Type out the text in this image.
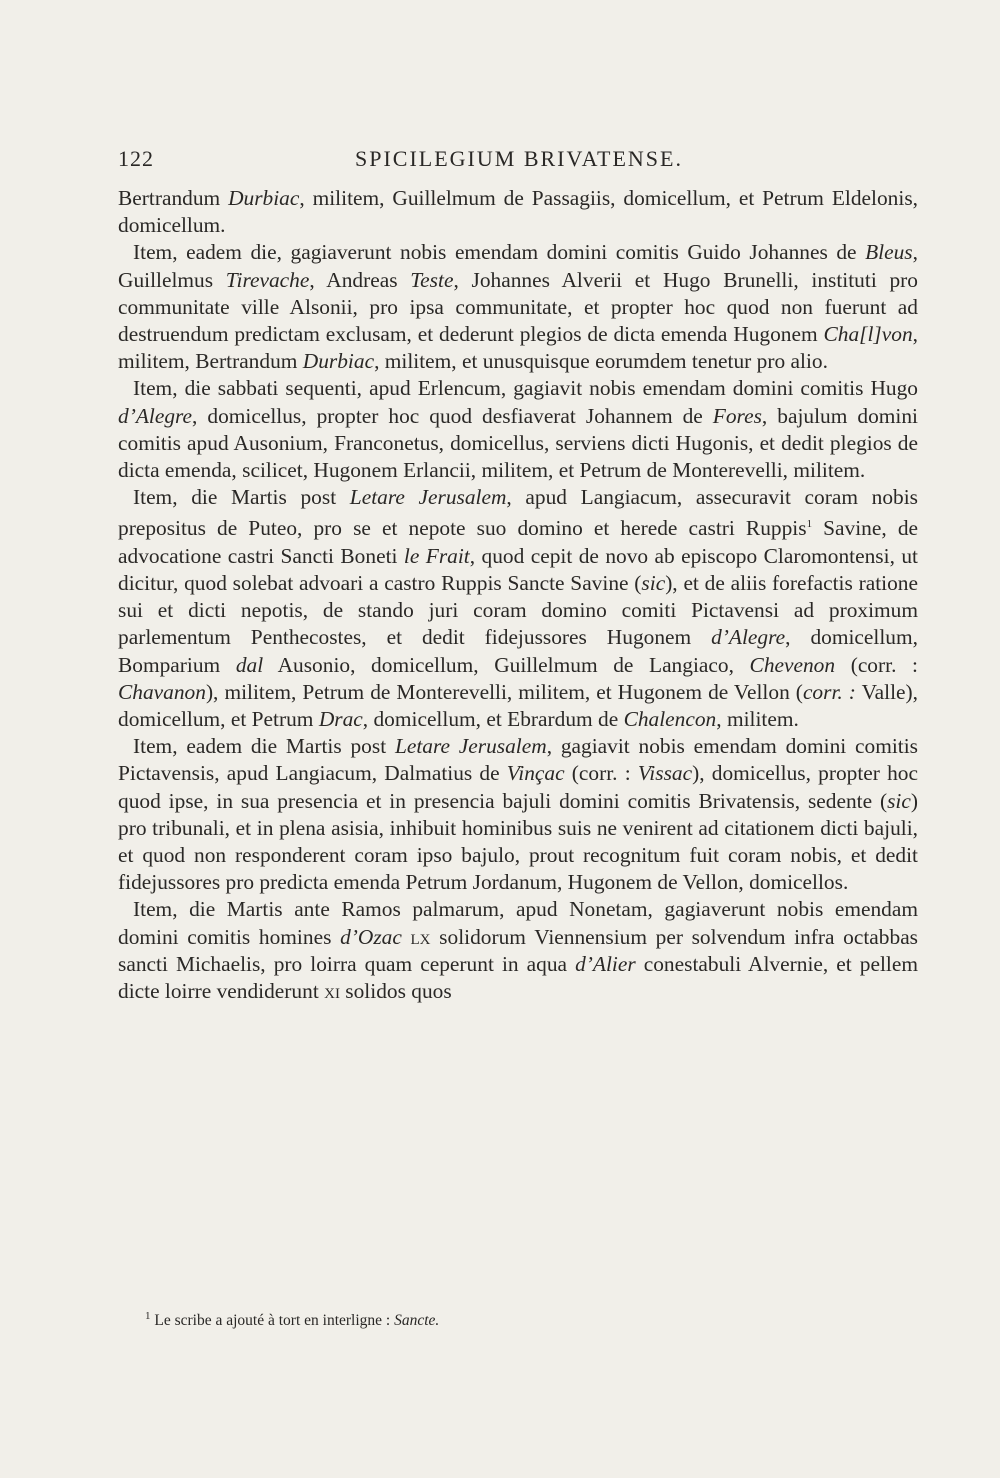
122	SPICILEGIUM BRIVATENSE.

Bertrandum Durbiac, militem, Guillelmum de Passagiis, domicellum, et Petrum Eldelonis, domicellum.

Item, eadem die, gagiaverunt nobis emendam domini comitis Guido Johannes de Bleus, Guillelmus Tirevache, Andreas Teste, Johannes Alverii et Hugo Brunelli, instituti pro communitate ville Alsonii, pro ipsa communitate, et propter hoc quod non fuerunt ad destruendum predictam exclusam, et dederunt plegios de dicta emenda Hugonem Cha[l]von, militem, Bertrandum Durbiac, militem, et unusquisque eorumdem tenetur pro alio.

Item, die sabbati sequenti, apud Erlencum, gagiavit nobis emendam domini comitis Hugo d’Alegre, domicellus, propter hoc quod desfiaverat Johannem de Fores, bajulum domini comitis apud Ausonium, Franconetus, domicellus, serviens dicti Hugonis, et dedit plegios de dicta emenda, scilicet, Hugonem Erlancii, militem, et Petrum de Monterevelli, militem.

Item, die Martis post Letare Jerusalem, apud Langiacum, assecuravit coram nobis prepositus de Puteo, pro se et nepote suo domino et herede castri Ruppis$^1$ Savine, de advocatione castri Sancti Boneti le Frait, quod cepit de novo ab episcopo Claromontensi, ut dicitur, quod solebat advoari a castro Ruppis Sancte Savine (sic), et de aliis forefactis ratione sui et dicti nepotis, de stando juri coram domino comiti Pictavensi ad proximum parlementum Penthecostes, et dedit fidejussores Hugonem d’Alegre, domicellum, Bomparium dal Ausonio, domicellum, Guillelmum de Langiaco, Chevenon (corr. : Chavanon), militem, Petrum de Monterevelli, militem, et Hugonem de Vellon (corr. : Valle), domicellum, et Petrum Drac, domicellum, et Ebrardum de Chalencon, militem.

Item, eadem die Martis post Letare Jerusalem, gagiavit nobis emendam domini comitis Pictavensis, apud Langiacum, Dalmatius de Vinçac (corr. : Vissac), domicellus, propter hoc quod ipse, in sua presencia et in presencia bajuli domini comitis Brivatensis, sedente (sic) pro tribunali, et in plena asisia, inhibuit hominibus suis ne venirent ad citationem dicti bajuli, et quod non responderent coram ipso bajulo, prout recognitum fuit coram nobis, et dedit fidejussores pro predicta emenda Petrum Jordanum, Hugonem de Vellon, domicellos.

Item, die Martis ante Ramos palmarum, apud Nonetam, gagiaverunt nobis emendam domini comitis homines d’Ozac lx solidorum Viennensium per solvendum infra octabbas sancti Michaelis, pro loirra quam ceperunt in aqua d’Alier conestabuli Alvernie, et pellem dicte loirre vendiderunt xi solidos quos

$^1$ Le scribe a ajouté à tort en interligne : Sancte.
